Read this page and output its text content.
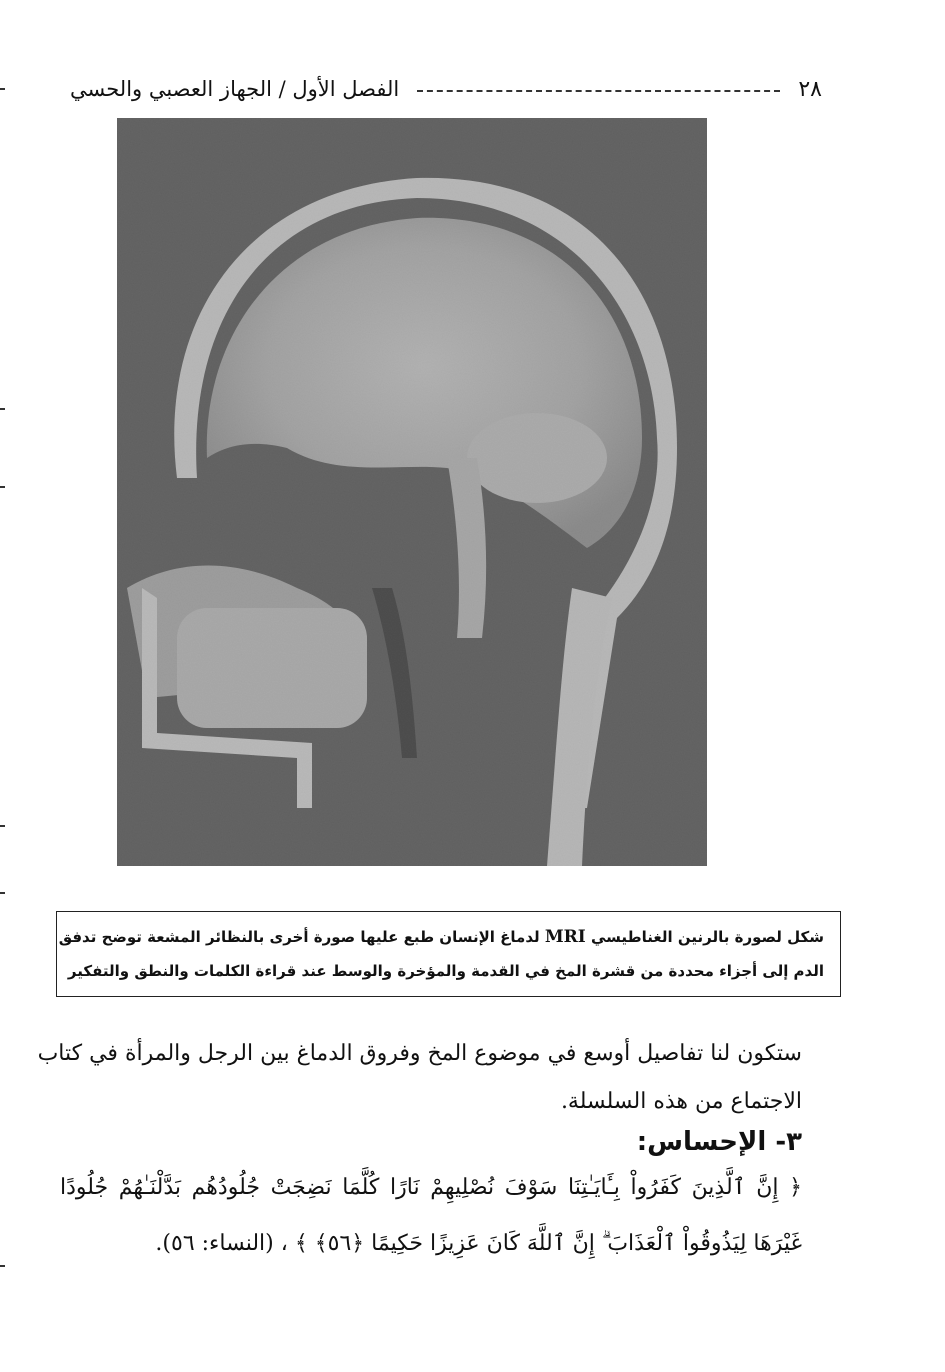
٢٨
الفصل الأول / الجهاز العصبي والحسي
شكل لصورة بالرنين الغناطيسي MRI لدماغ الإنسان طبع عليها صورة أخرى بالنظائر المشعة توضح تدفق
الدم إلى أجزاء محددة من قشرة المخ في القدمة والمؤخرة والوسط عند قراءة الكلمات والنطق والتفكير
ستكون لنا تفاصيل أوسع في موضوع المخ وفروق الدماغ بين الرجل والمرأة في كتاب
الاجتماع من هذه السلسلة.
٣- الإحساس:
﴿ إِنَّ ٱلَّذِينَ كَفَرُواْ بِـَٔايَـٰتِنَا سَوْفَ نُصْلِيهِمْ نَارًا كُلَّمَا نَضِجَتْ جُلُودُهُم بَدَّلْنَـٰهُمْ جُلُودًا
غَيْرَهَا لِيَذُوقُواْ ٱلْعَذَابَ ۗ إِنَّ ٱللَّهَ كَانَ عَزِيزًا حَكِيمًا ﴿٥٦﴾ ﴾ ، (النساء: ٥٦).
